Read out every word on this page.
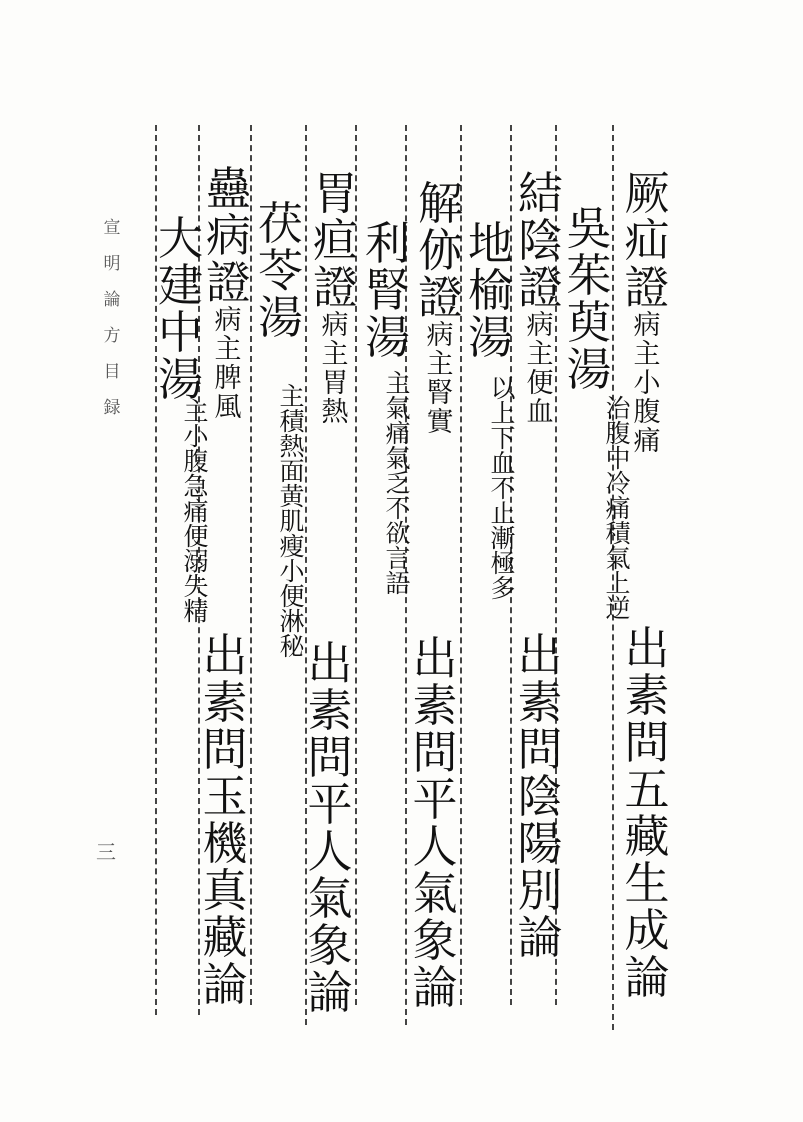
厥疝證
病主小腹痛
出素問五藏生成論
吳茱萸湯
治腹中冷痛積氣上逆
結陰證
病主便血
出素問陰陽別論
地榆湯
以上下血不止漸極多
解㑊證
病主腎實
出素問平人氣象論
利腎湯
主氣痛氣乏不欲言語
胃疸證
病主胃熱
出素問平人氣象論
茯苓湯
主積熱面黄肌瘦小便淋秘
蠱病證
病主脾風
出素問玉機真藏論
大建中湯
主小腹急痛便溺失精
宣明論方目録
三
